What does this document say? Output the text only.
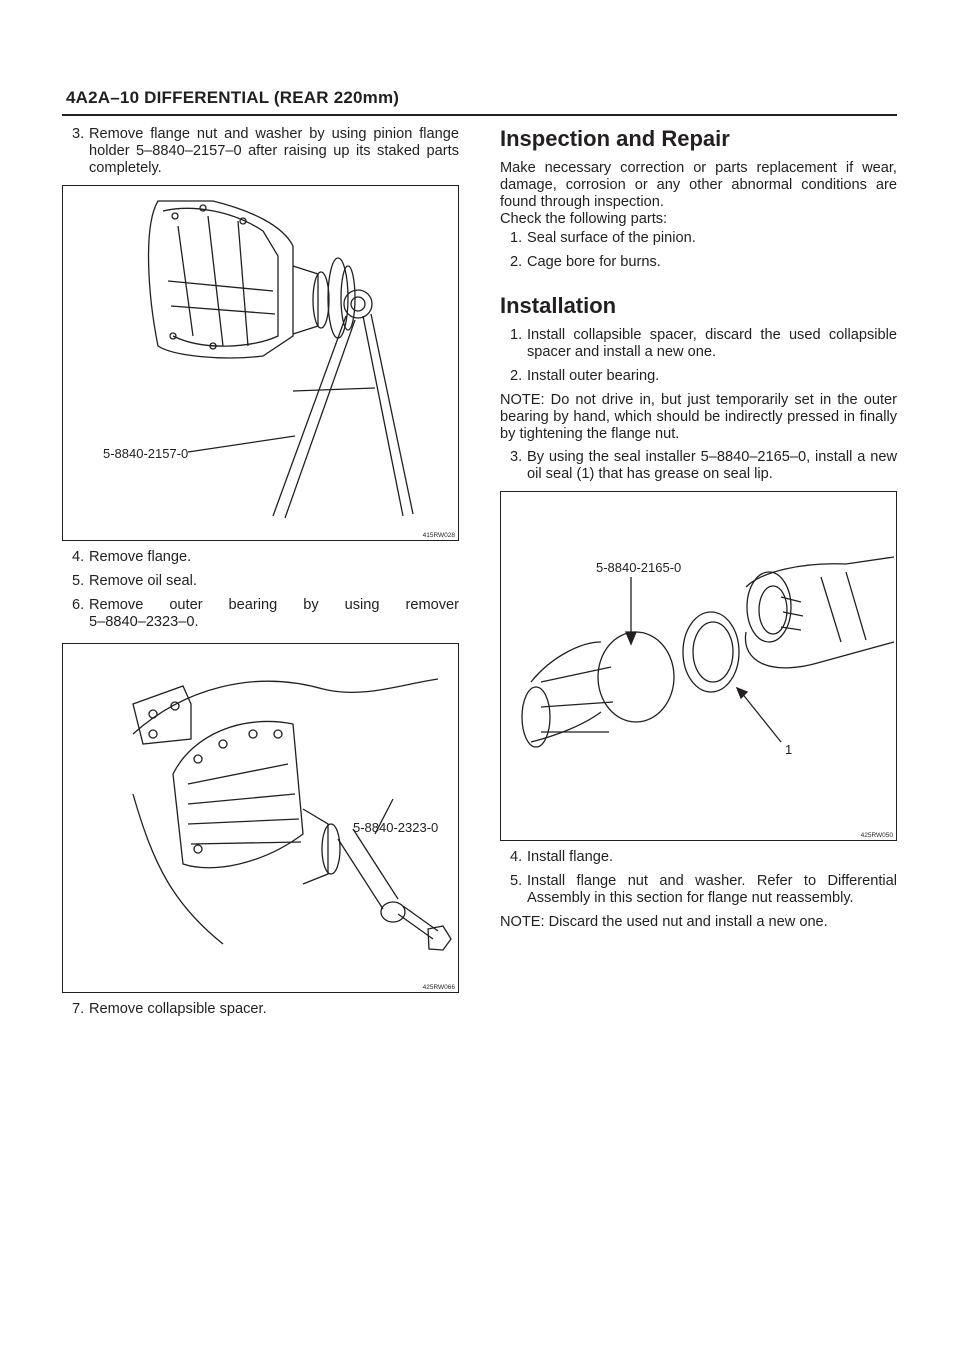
4A2A–10 DIFFERENTIAL (REAR 220mm)
3. Remove flange nut and washer by using pinion flange holder 5–8840–2157–0 after raising up its staked parts completely.
5-8840-2157-0
415RW028
4. Remove flange.
5. Remove oil seal.
6. Remove outer bearing by using remover
5–8840–2323–0.
5-8840-2323-0
425RW066
7. Remove collapsible spacer.
Inspection and Repair
Make necessary correction or parts replacement if wear, damage, corrosion or any other abnormal conditions are found through inspection.
Check the following parts:
1. Seal surface of the pinion.
2. Cage bore for burns.
Installation
1. Install collapsible spacer, discard the used collapsible spacer and install a new one.
2. Install outer bearing.
NOTE: Do not drive in, but just temporarily set in the outer bearing by hand, which should be indirectly pressed in finally by tightening the flange nut.
3. By using the seal installer 5–8840–2165–0, install a new oil seal (1) that has grease on seal lip.
5-8840-2165-0
1
425RW050
4. Install flange.
5. Install flange nut and washer. Refer to Differential Assembly in this section for flange nut reassembly.
NOTE: Discard the used nut and install a new one.
